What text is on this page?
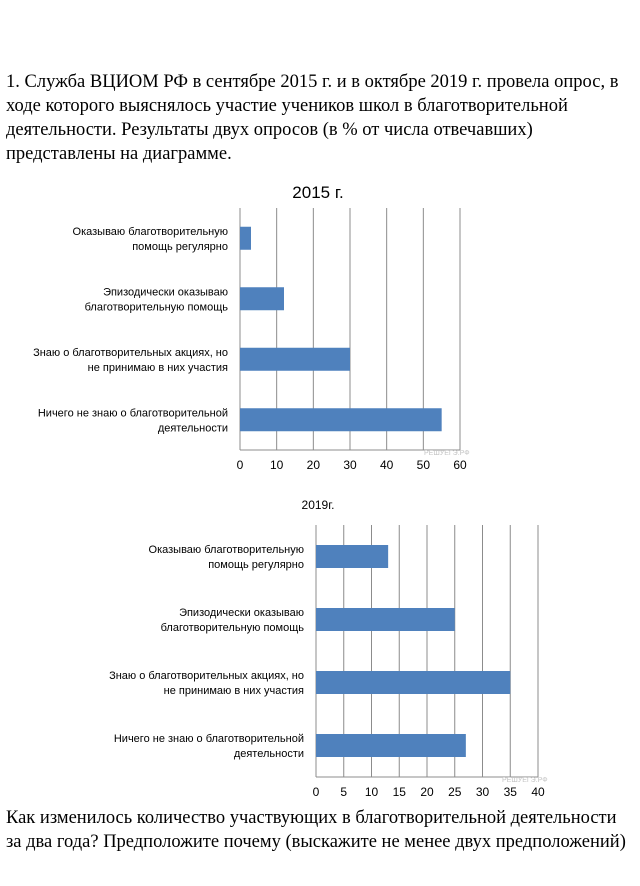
1. Служба ВЦИОМ РФ в сентябре 2015 г. и в октябре 2019 г. провела опрос, в ходе которого выяснялось участие учеников школ в благотворительной деятельности. Результаты двух опросов (в % от числа отвечавших) представлены на диаграмме.

2015 г.
0 10 20 30 40 50 60
Оказываю благотворительную
помощь регулярно
Эпизодически оказываю
благотворительную помощь
Знаю о благотворительных акциях, но
не принимаю в них участия
Ничего не знаю о благотворительной
деятельности
РЕШУЕГЭ.РФ
2019г.
0 5 10 15 20 25 30 35 40
Оказываю благотворительную
помощь регулярно
Эпизодически оказываю
благотворительную помощь
Знаю о благотворительных акциях, но
не принимаю в них участия
Ничего не знаю о благотворительной
деятельности
РЕШУЕГЭ.РФ

Как изменилось количество участвующих в благотворительной деятельности за два года? Предположите почему (выскажите не менее двух предположений)
